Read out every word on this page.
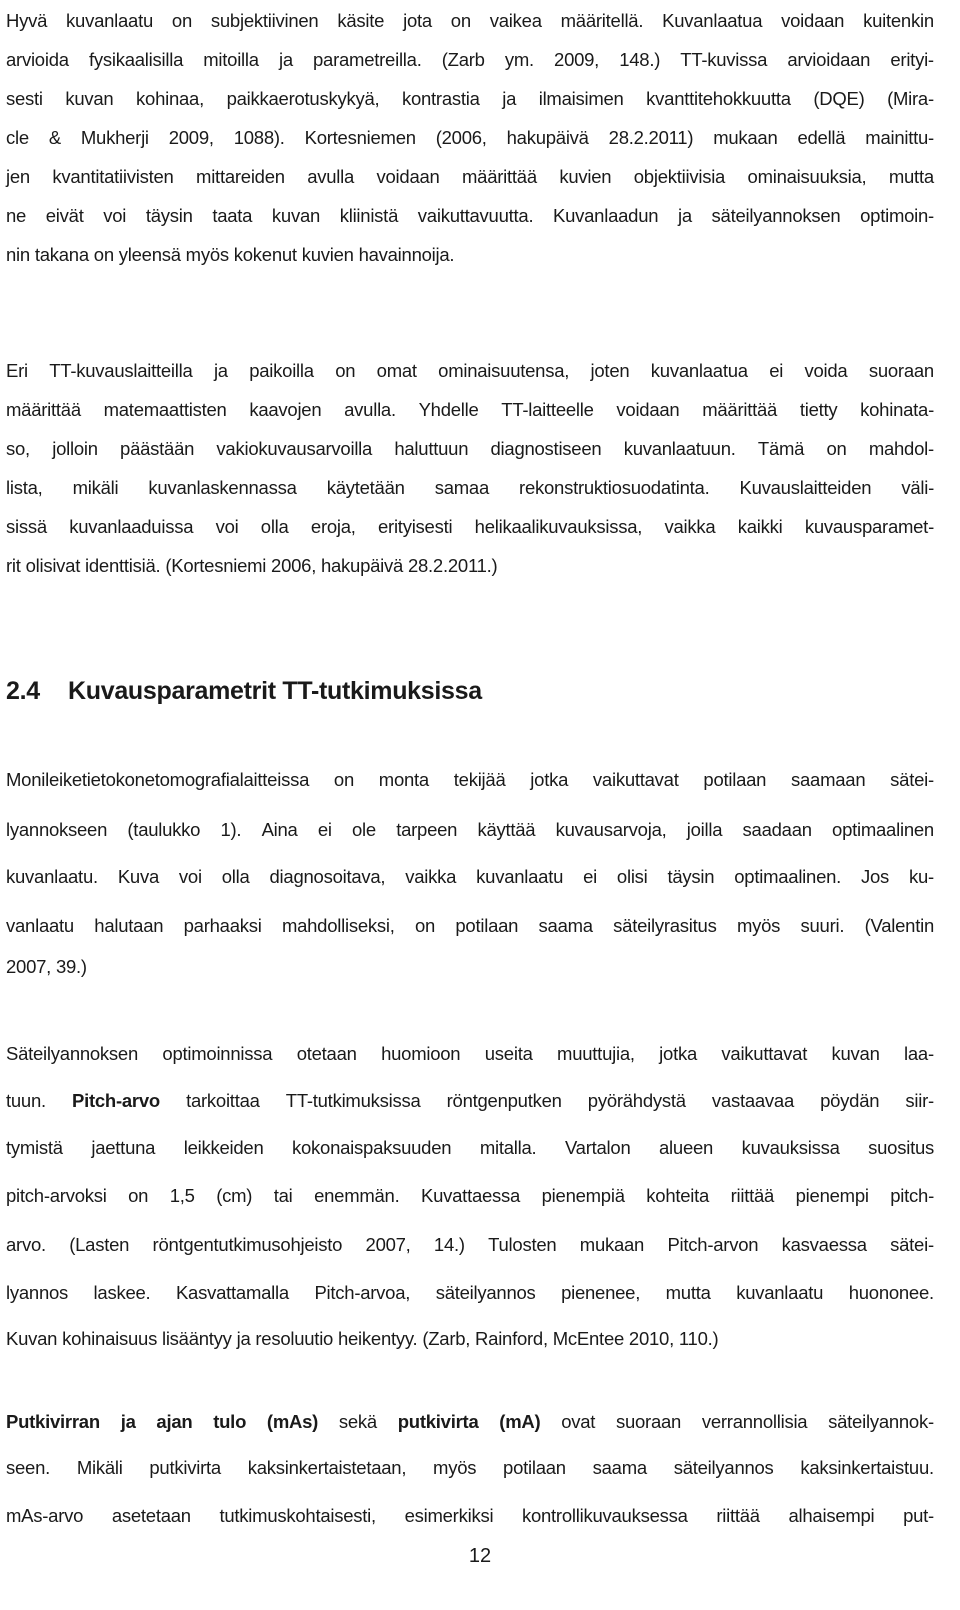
Hyvä kuvanlaatu on subjektiivinen käsite jota on vaikea määritellä. Kuvanlaatua voidaan kuitenkin
arvioida fysikaalisilla mitoilla ja parametreilla. (Zarb ym. 2009, 148.) TT-kuvissa arvioidaan erityi-
sesti kuvan kohinaa, paikkaerotuskykyä, kontrastia ja ilmaisimen kvanttitehokkuutta (DQE) (Mira-
cle & Mukherji 2009, 1088). Kortesniemen (2006, hakupäivä 28.2.2011) mukaan edellä mainittu-
jen kvantitatiivisten mittareiden avulla voidaan määrittää kuvien objektiivisia ominaisuuksia, mutta
ne eivät voi täysin taata kuvan kliinistä vaikuttavuutta. Kuvanlaadun ja säteilyannoksen optimoin-
nin takana on yleensä myös kokenut kuvien havainnoija.
Eri TT-kuvauslaitteilla ja paikoilla on omat ominaisuutensa, joten kuvanlaatua ei voida suoraan
määrittää matemaattisten kaavojen avulla. Yhdelle TT-laitteelle voidaan määrittää tietty kohinata-
so, jolloin päästään vakiokuvausarvoilla haluttuun diagnostiseen kuvanlaatuun. Tämä on mahdol-
lista, mikäli kuvanlaskennassa käytetään samaa rekonstruktiosuodatinta. Kuvauslaitteiden väli-
sissä kuvanlaaduissa voi olla eroja, erityisesti helikaalikuvauksissa, vaikka kaikki kuvausparamet-
rit olisivat identtisiä. (Kortesniemi 2006, hakupäivä 28.2.2011.)
2.4 Kuvausparametrit TT-tutkimuksissa
Monileiketietokonetomografialaitteissa on monta tekijää jotka vaikuttavat potilaan saamaan sätei-
lyannokseen (taulukko 1). Aina ei ole tarpeen käyttää kuvausarvoja, joilla saadaan optimaalinen
kuvanlaatu. Kuva voi olla diagnosoitava, vaikka kuvanlaatu ei olisi täysin optimaalinen. Jos ku-
vanlaatu halutaan parhaaksi mahdolliseksi, on potilaan saama säteilyrasitus myös suuri. (Valentin
2007, 39.)
Säteilyannoksen optimoinnissa otetaan huomioon useita muuttujia, jotka vaikuttavat kuvan laa-
tuun. Pitch-arvo tarkoittaa TT-tutkimuksissa röntgenputken pyörähdystä vastaavaa pöydän siir-
tymistä jaettuna leikkeiden kokonaispaksuuden mitalla. Vartalon alueen kuvauksissa suositus
pitch-arvoksi on 1,5 (cm) tai enemmän. Kuvattaessa pienempiä kohteita riittää pienempi pitch-
arvo. (Lasten röntgentutkimusohjeisto 2007, 14.) Tulosten mukaan Pitch-arvon kasvaessa sätei-
lyannos laskee. Kasvattamalla Pitch-arvoa, säteilyannos pienenee, mutta kuvanlaatu huononee.
Kuvan kohinaisuus lisääntyy ja resoluutio heikentyy. (Zarb, Rainford, McEntee 2010, 110.)
Putkivirran ja ajan tulo (mAs) sekä putkivirta (mA) ovat suoraan verrannollisia säteilyannok-
seen. Mikäli putkivirta kaksinkertaistetaan, myös potilaan saama säteilyannos kaksinkertaistuu.
mAs-arvo asetetaan tutkimuskohtaisesti, esimerkiksi kontrollikuvauksessa riittää alhaisempi put-
12
